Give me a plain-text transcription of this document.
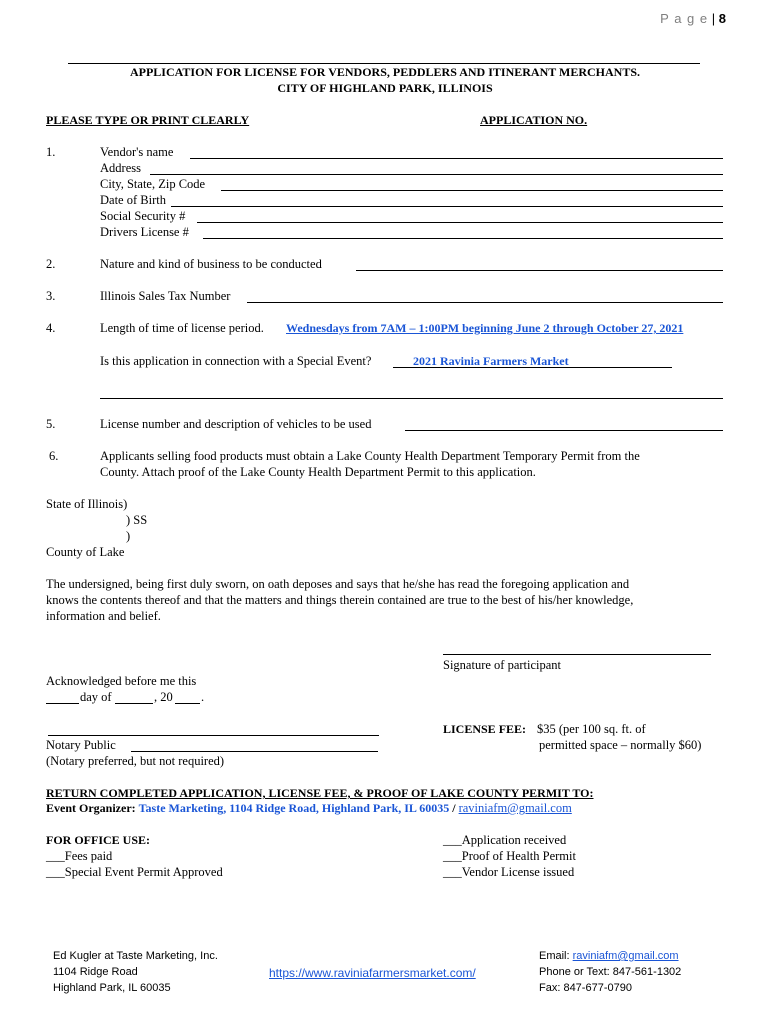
P a g e | 8
APPLICATION FOR LICENSE FOR VENDORS, PEDDLERS AND ITINERANT MERCHANTS.
CITY OF HIGHLAND PARK, ILLINOIS
PLEASE TYPE OR PRINT CLEARLY	APPLICATION NO.
1.	Vendor's name
Address
City, State, Zip Code
Date of Birth
Social Security #
Drivers License #
2.	Nature and kind of business to be conducted
3.	Illinois Sales Tax Number
4.	Length of time of license period. Wednesdays from 7AM – 1:00PM beginning June 2 through October 27, 2021
Is this application in connection with a Special Event?	2021 Ravinia Farmers Market
5.	License number and description of vehicles to be used
6.	Applicants selling food products must obtain a Lake County Health Department Temporary Permit from the
County. Attach proof of the Lake County Health Department Permit to this application.
State of Illinois)
) SS
)
County of Lake
The undersigned, being first duly sworn, on oath deposes and says that he/she has read the foregoing application and
knows the contents thereof and that the matters and things therein contained are true to the best of his/her knowledge,
information and belief.
Signature of participant
Acknowledged before me this
day of	, 20 .
Notary Public
(Notary preferred, but not required)
LICENSE FEE: $35 (per 100 sq. ft. of
permitted space – normally $60)
RETURN COMPLETED APPLICATION, LICENSE FEE, & PROOF OF LAKE COUNTY PERMIT TO:
Event Organizer: Taste Marketing, 1104 Ridge Road, Highland Park, IL 60035 / raviniafm@gmail.com
FOR OFFICE USE:
___Fees paid
___Special Event Permit Approved
___Application received
___Proof of Health Permit
___Vendor License issued
Ed Kugler at Taste Marketing, Inc.
1104 Ridge Road
Highland Park, IL 60035
https://www.raviniafarmersmarket.com/
Email: raviniafm@gmail.com
Phone or Text: 847-561-1302
Fax: 847-677-0790
